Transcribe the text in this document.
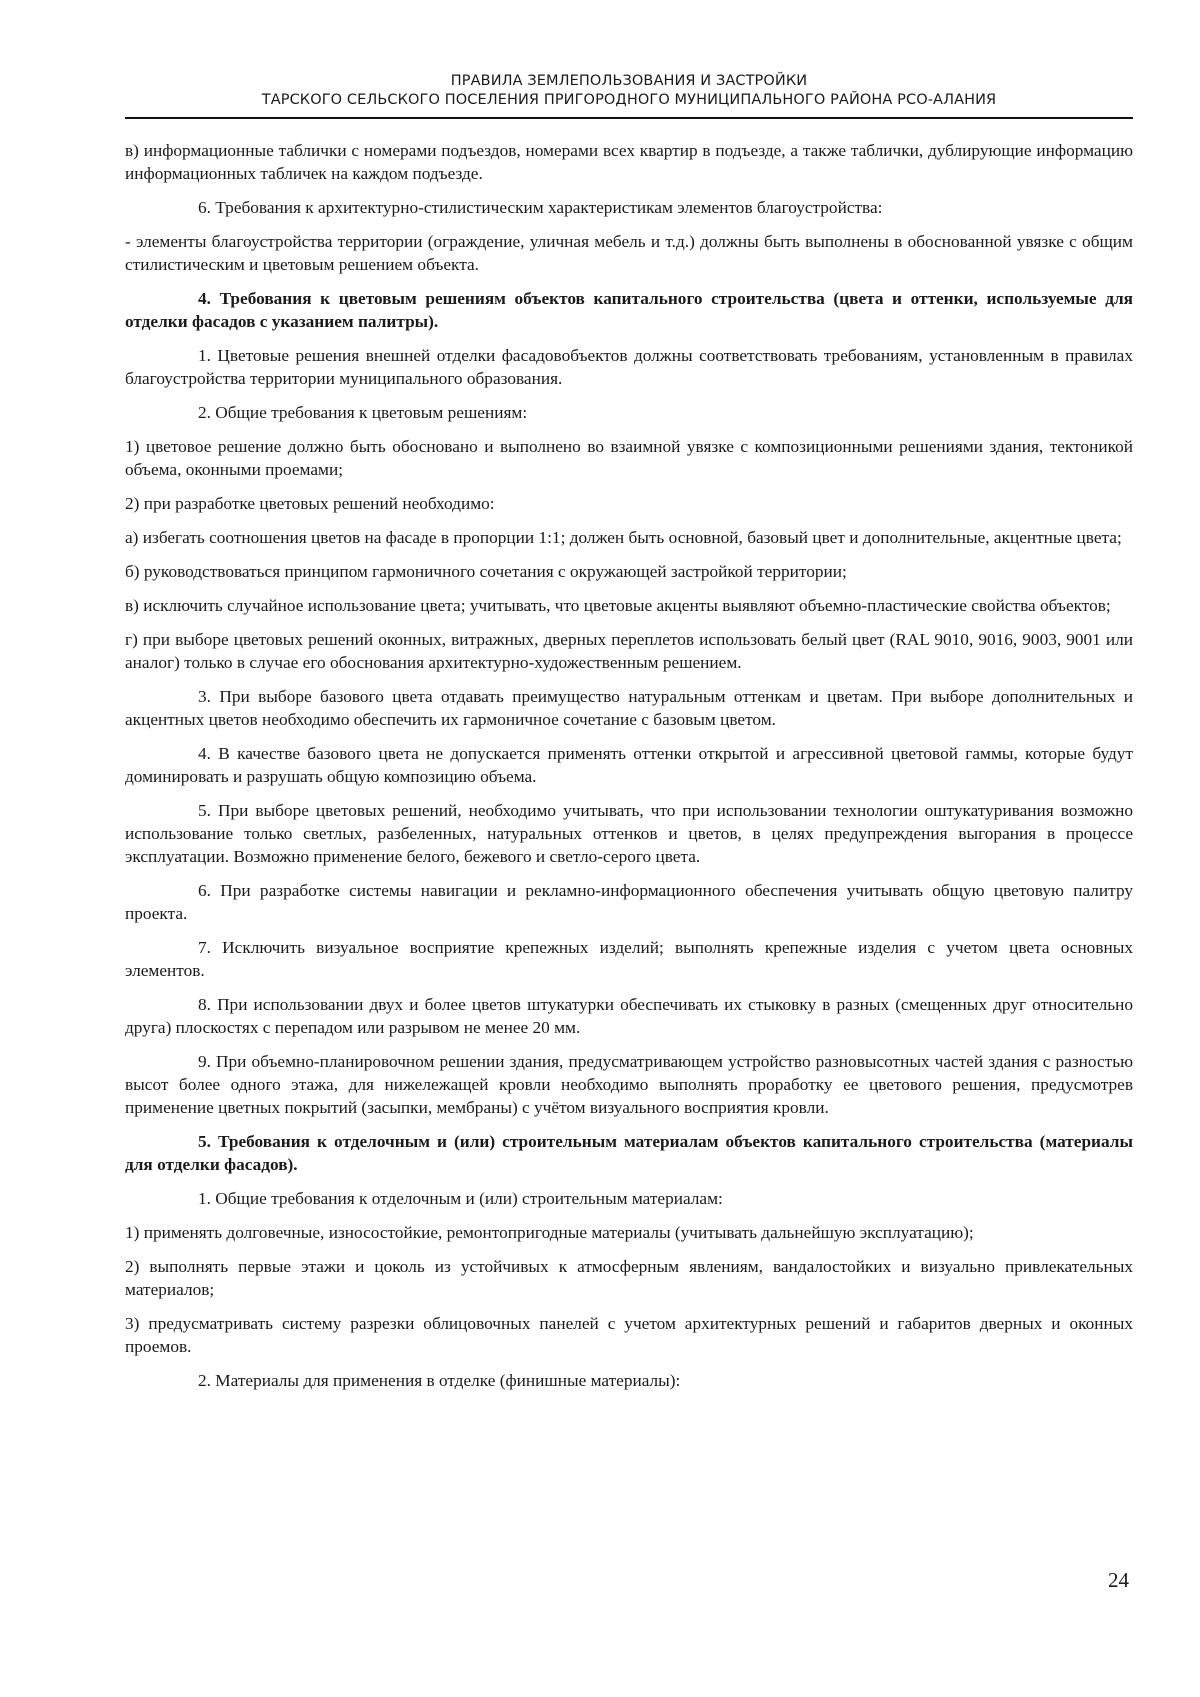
ПРАВИЛА ЗЕМЛЕПОЛЬЗОВАНИЯ И ЗАСТРОЙКИ
ТАРСКОГО СЕЛЬСКОГО ПОСЕЛЕНИЯ ПРИГОРОДНОГО МУНИЦИПАЛЬНОГО РАЙОНА РСО-АЛАНИЯ

в) информационные таблички с номерами подъездов, номерами всех квартир в подъезде, а также таблички, дублирующие информацию информационных табличек на каждом подъезде.

6. Требования к архитектурно-стилистическим характеристикам элементов благоустройства:

- элементы благоустройства территории (ограждение, уличная мебель и т.д.) должны быть выполнены в обоснованной увязке с общим стилистическим и цветовым решением объекта.

4. Требования к цветовым решениям объектов капитального строительства (цвета и оттенки, используемые для отделки фасадов с указанием палитры).

1. Цветовые решения внешней отделки фасадовобъектов должны соответствовать требованиям, установленным в правилах благоустройства территории муниципального образования.

2. Общие требования к цветовым решениям:

1) цветовое решение должно быть обосновано и выполнено во взаимной увязке с композиционными решениями здания, тектоникой объема, оконными проемами;

2) при разработке цветовых решений необходимо:

а) избегать соотношения цветов на фасаде в пропорции 1:1; должен быть основной, базовый цвет и дополнительные, акцентные цвета;

б) руководствоваться принципом гармоничного сочетания с окружающей застройкой территории;

в) исключить случайное использование цвета; учитывать, что цветовые акценты выявляют объемно-пластические свойства объектов;

г) при выборе цветовых решений оконных, витражных, дверных переплетов использовать белый цвет (RAL 9010, 9016, 9003, 9001 или аналог) только в случае его обоснования архитектурно-художественным решением.

3. При выборе базового цвета отдавать преимущество натуральным оттенкам и цветам. При выборе дополнительных и акцентных цветов необходимо обеспечить их гармоничное сочетание с базовым цветом.

4. В качестве базового цвета не допускается применять оттенки открытой и агрессивной цветовой гаммы, которые будут доминировать и разрушать общую композицию объема.

5. При выборе цветовых решений, необходимо учитывать, что при использовании технологии оштукатуривания возможно использование только светлых, разбеленных, натуральных оттенков и цветов, в целях предупреждения выгорания в процессе эксплуатации. Возможно применение белого, бежевого и светло-серого цвета.

6. При разработке системы навигации и рекламно-информационного обеспечения учитывать общую цветовую палитру проекта.

7. Исключить визуальное восприятие крепежных изделий; выполнять крепежные изделия с учетом цвета основных элементов.

8. При использовании двух и более цветов штукатурки обеспечивать их стыковку в разных (смещенных друг относительно друга) плоскостях с перепадом или разрывом не менее 20 мм.

9. При объемно-планировочном решении здания, предусматривающем устройство разновысотных частей здания с разностью высот более одного этажа, для нижележащей кровли необходимо выполнять проработку ее цветового решения, предусмотрев применение цветных покрытий (засыпки, мембраны) с учётом визуального восприятия кровли.

5. Требования к отделочным и (или) строительным материалам объектов капитального строительства (материалы для отделки фасадов).

1. Общие требования к отделочным и (или) строительным материалам:

1) применять долговечные, износостойкие, ремонтопригодные материалы (учитывать дальнейшую эксплуатацию);

2) выполнять первые этажи и цоколь из устойчивых к атмосферным явлениям, вандалостойких и визуально привлекательных материалов;

3) предусматривать систему разрезки облицовочных панелей с учетом архитектурных решений и габаритов дверных и оконных проемов.

2. Материалы для применения в отделке (финишные материалы):

24
